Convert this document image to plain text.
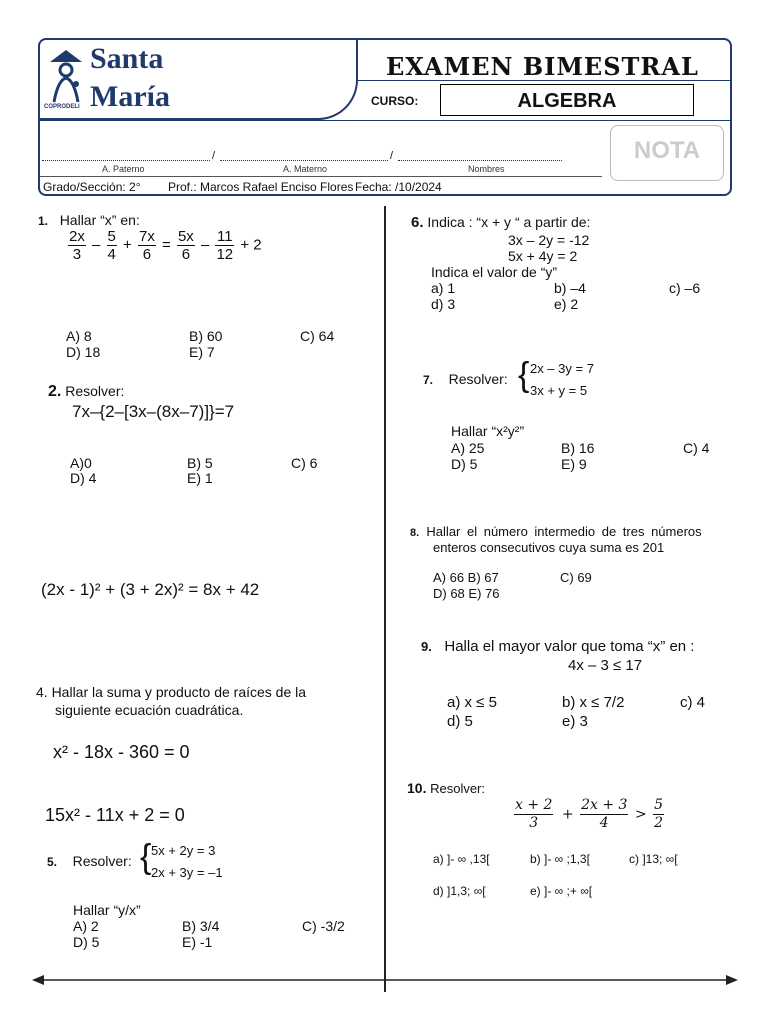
Santa
María
COPRODELI
EXAMEN BIMESTRAL
CURSO:	ALGEBRA
/	/
A. Paterno	A. Materno	Nombres
NOTA
Grado/Sección: 2° Prof.: Marcos Rafael Enciso Flores Fecha: /10/2024
1. Hallar “x” en:
$\frac{2x}{3} - \frac{5}{4} + \frac{7x}{6} = \frac{5x}{6} - \frac{11}{12} + 2$
A) 8	B) 60	C) 64
D) 18	E) 7
2. Resolver:
7x–{2–[3x–(8x–7)]}=7
A)0	B) 5	C) 6
D) 4	E) 1
(2x - 1)² + (3 + 2x)² = 8x + 42
4. Hallar la suma y producto de raíces de la
siguiente ecuación cuadrática.
x² - 18x - 360 = 0
15x² - 11x + 2 = 0
5. Resolver: { 5x + 2y = 3
2x + 3y = –1
Hallar “y/x”
A) 2	B) 3/4	C) -3/2
D) 5	E) -1
6. Indica : “x + y “ a partir de:
3x – 2y = -12
5x + 4y = 2
Indica el valor de “y”
a) 1	b) –4	c) –6
d) 3	e) 2
7. Resolver: { 2x – 3y = 7
3x + y = 5
Hallar “x²y²”
A) 25	B) 16	C) 4
D) 5	E) 9
8. Hallar el número intermedio de tres números
enteros consecutivos cuya suma es 201
A) 66 B) 67	C) 69
D) 68 E) 76
9. Halla el mayor valor que toma “x” en :
4x – 3 ≤ 17
a) x ≤ 5	b) x ≤ 7/2	c) 4
d) 5	e) 3
10. Resolver:
$\frac{x + 2}{3} + \frac{2x + 3}{4} > \frac{5}{2}$
a) ]- ∞ ,13[	b) ]- ∞ ;1,3[	c) ]13; ∞[
d) ]1,3; ∞[	e) ]- ∞ ;+ ∞[
